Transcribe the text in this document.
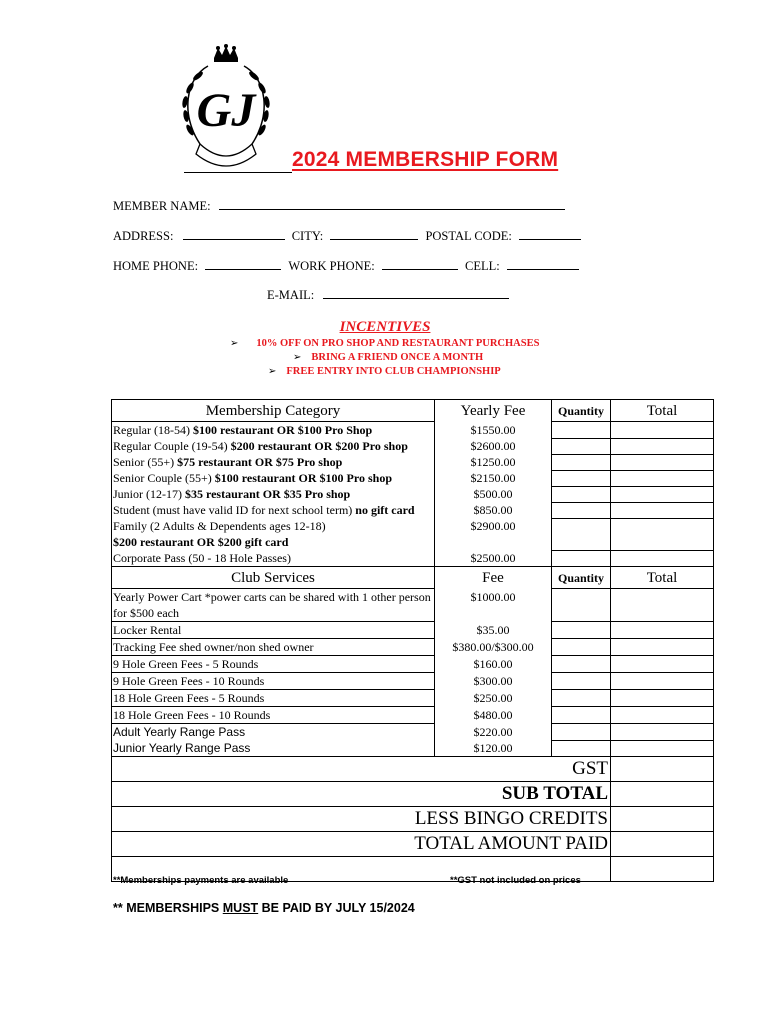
GJ
2024 MEMBERSHIP FORM
MEMBER NAME:
ADDRESS:	CITY:	POSTAL CODE:
HOME PHONE:	WORK PHONE:	CELL:
E-MAIL:
INCENTIVES
➢ 10% OFF ON PRO SHOP AND RESTAURANT PURCHASES
➢ BRING A FRIEND ONCE A MONTH
➢ FREE ENTRY INTO CLUB CHAMPIONSHIP
Membership Category	Yearly Fee	Quantity	Total
Regular (18-54) $100 restaurant OR $100 Pro Shop	$1550.00		
Regular Couple (19-54) $200 restaurant OR $200 Pro shop	$2600.00		
Senior (55+) $75 restaurant OR $75 Pro shop	$1250.00		
Senior Couple (55+) $100 restaurant OR $100 Pro shop	$2150.00		
Junior (12-17) $35 restaurant OR $35 Pro shop	$500.00		
Student (must have valid ID for next school term) no gift card	$850.00		
Family (2 Adults & Dependents ages 12-18)
$200 restaurant OR $200 gift card	$2900.00		
Corporate Pass (50 - 18 Hole Passes)	$2500.00		
Club Services	Fee	Quantity	Total
Yearly Power Cart *power carts can be shared with 1 other person for $500 each	$1000.00		
Locker Rental	$35.00		
Tracking Fee shed owner/non shed owner	$380.00/$300.00		
9 Hole Green Fees - 5 Rounds	$160.00		
9 Hole Green Fees - 10 Rounds	$300.00		
18 Hole Green Fees - 5 Rounds	$250.00		
18 Hole Green Fees - 10 Rounds	$480.00		
Adult Yearly Range Pass	$220.00		
Junior Yearly Range Pass	$120.00		
GST			
SUB TOTAL			
LESS BINGO CREDITS			
TOTAL AMOUNT PAID			

**Memberships payments are available	**GST not included on prices
** MEMBERSHIPS MUST BE PAID BY JULY 15/2024
